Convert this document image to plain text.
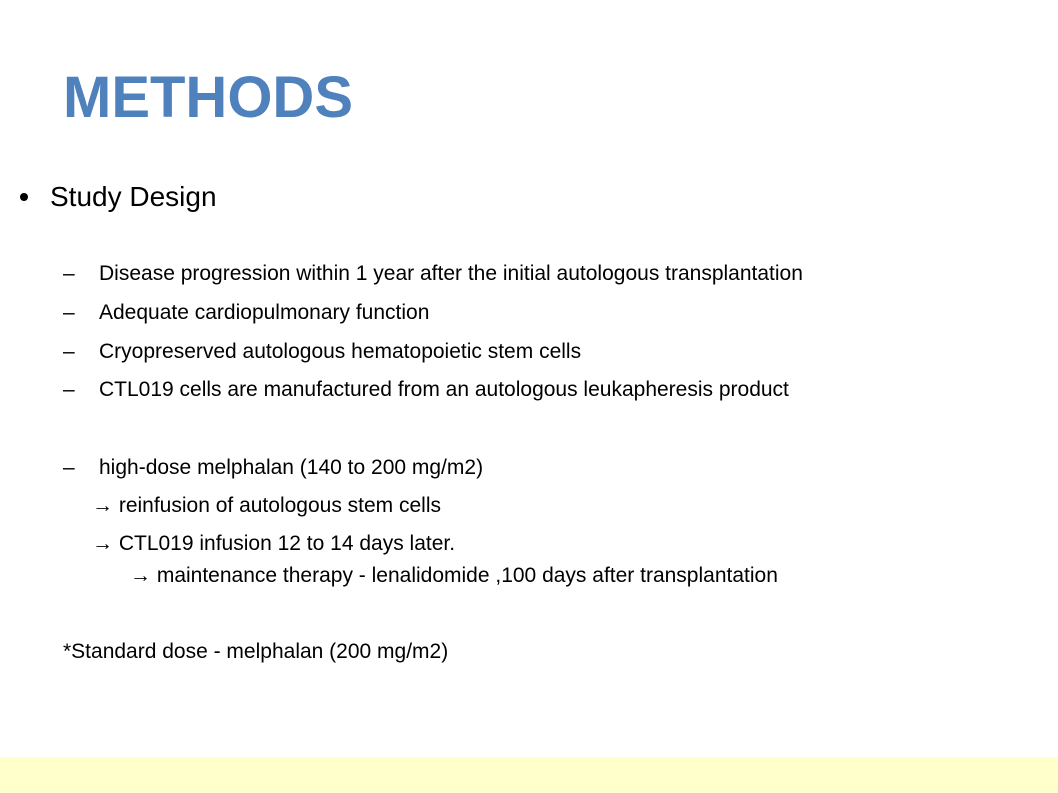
METHODS
Study Design
– Disease progression within 1 year after the initial autologous transplantation
– Adequate cardiopulmonary function
– Cryopreserved autologous hematopoietic stem cells
– CTL019 cells are manufactured from an autologous leukapheresis product
– high-dose melphalan (140 to 200 mg/m2)
→ reinfusion of autologous stem cells
→ CTL019 infusion 12 to 14 days later.
→ maintenance therapy - lenalidomide ,100 days after transplantation
*Standard dose - melphalan (200 mg/m2)
